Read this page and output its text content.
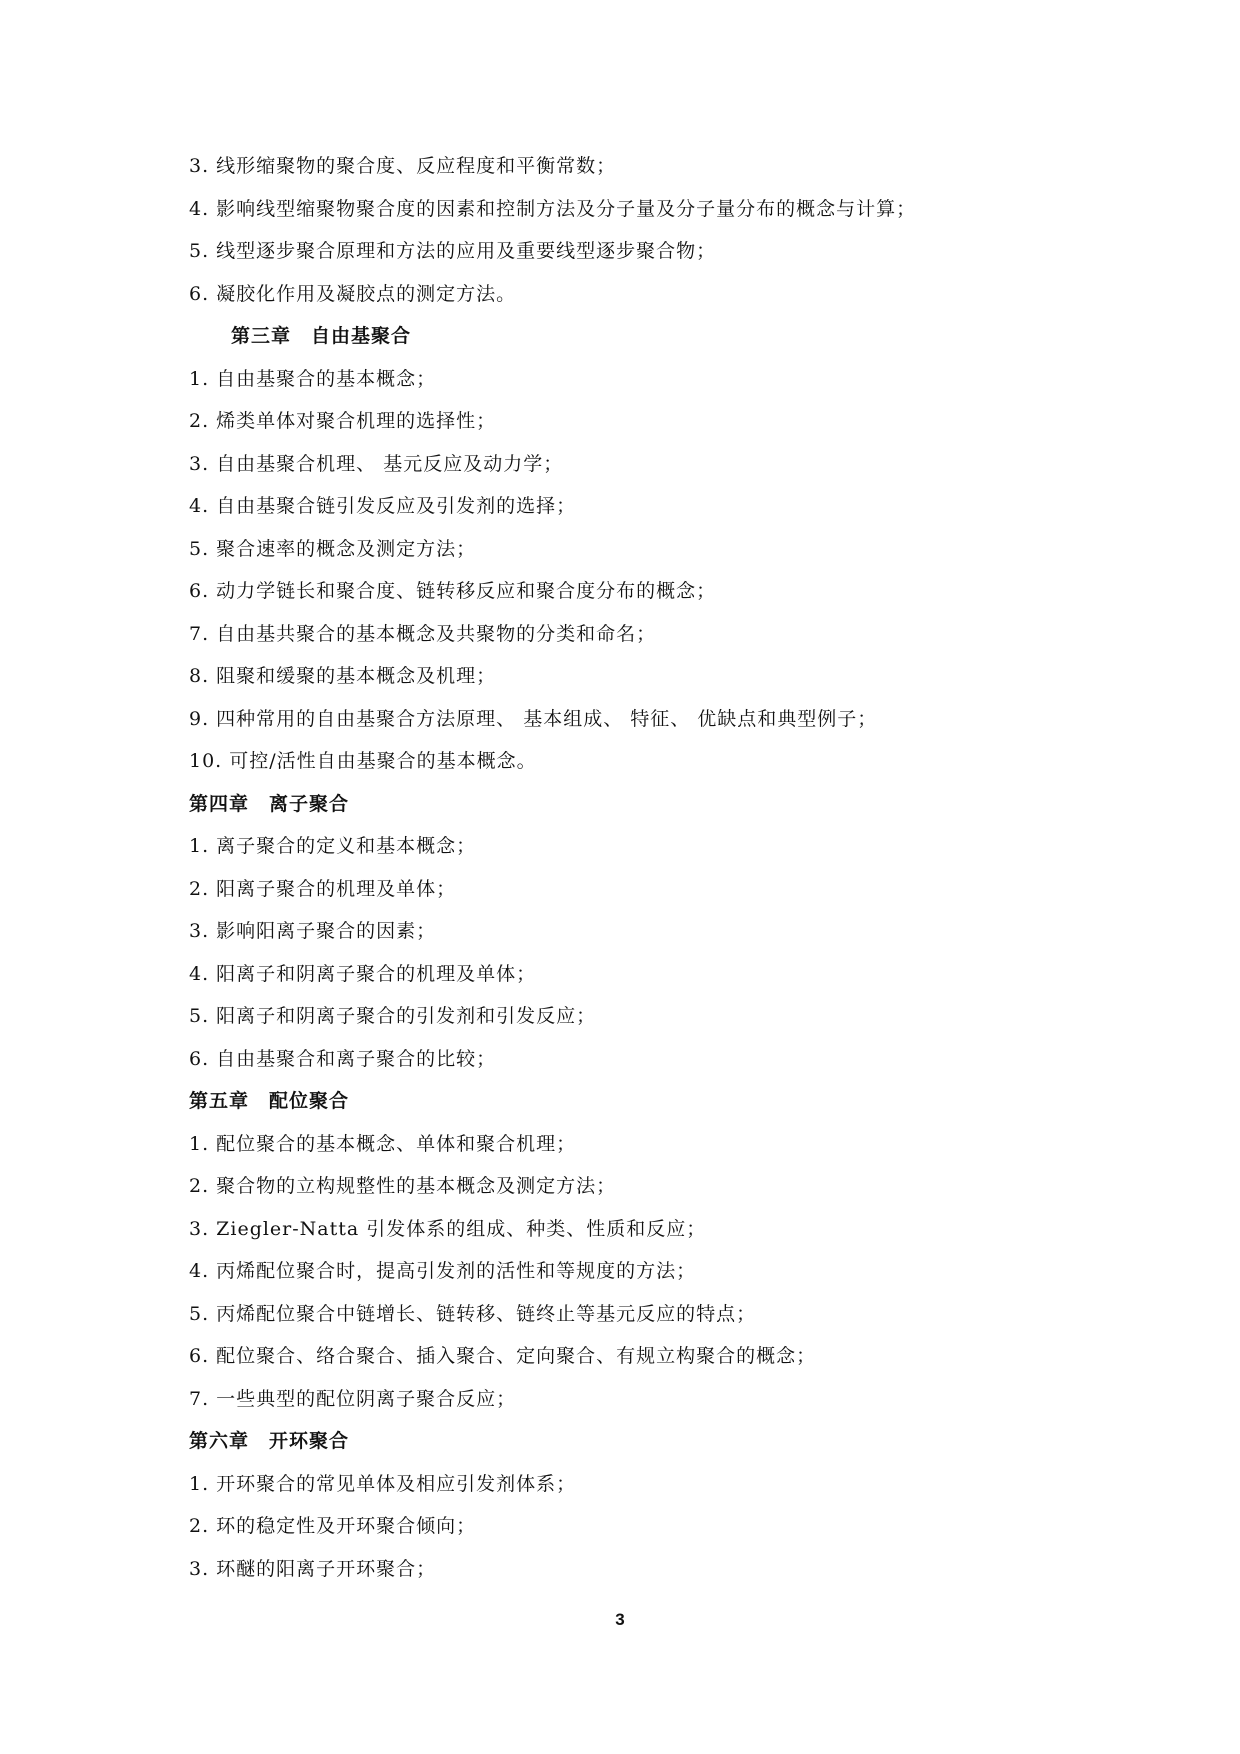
3. 线形缩聚物的聚合度、反应程度和平衡常数；
4. 影响线型缩聚物聚合度的因素和控制方法及分子量及分子量分布的概念与计算；
5. 线型逐步聚合原理和方法的应用及重要线型逐步聚合物；
6. 凝胶化作用及凝胶点的测定方法。
第三章　自由基聚合
1. 自由基聚合的基本概念；
2. 烯类单体对聚合机理的选择性；
3. 自由基聚合机理、 基元反应及动力学；
4. 自由基聚合链引发反应及引发剂的选择；
5. 聚合速率的概念及测定方法；
6. 动力学链长和聚合度、链转移反应和聚合度分布的概念；
7. 自由基共聚合的基本概念及共聚物的分类和命名；
8. 阻聚和缓聚的基本概念及机理；
9. 四种常用的自由基聚合方法原理、 基本组成、 特征、 优缺点和典型例子；
10. 可控/活性自由基聚合的基本概念。
第四章　离子聚合
1. 离子聚合的定义和基本概念；
2. 阳离子聚合的机理及单体；
3. 影响阳离子聚合的因素；
4. 阳离子和阴离子聚合的机理及单体；
5. 阳离子和阴离子聚合的引发剂和引发反应；
6. 自由基聚合和离子聚合的比较；
第五章　配位聚合
1. 配位聚合的基本概念、单体和聚合机理；
2. 聚合物的立构规整性的基本概念及测定方法；
3. Ziegler-Natta 引发体系的组成、种类、性质和反应；
4. 丙烯配位聚合时，提高引发剂的活性和等规度的方法；
5. 丙烯配位聚合中链增长、链转移、链终止等基元反应的特点；
6. 配位聚合、络合聚合、插入聚合、定向聚合、有规立构聚合的概念；
7. 一些典型的配位阴离子聚合反应；
第六章　开环聚合
1. 开环聚合的常见单体及相应引发剂体系；
2. 环的稳定性及开环聚合倾向；
3. 环醚的阳离子开环聚合；
3
